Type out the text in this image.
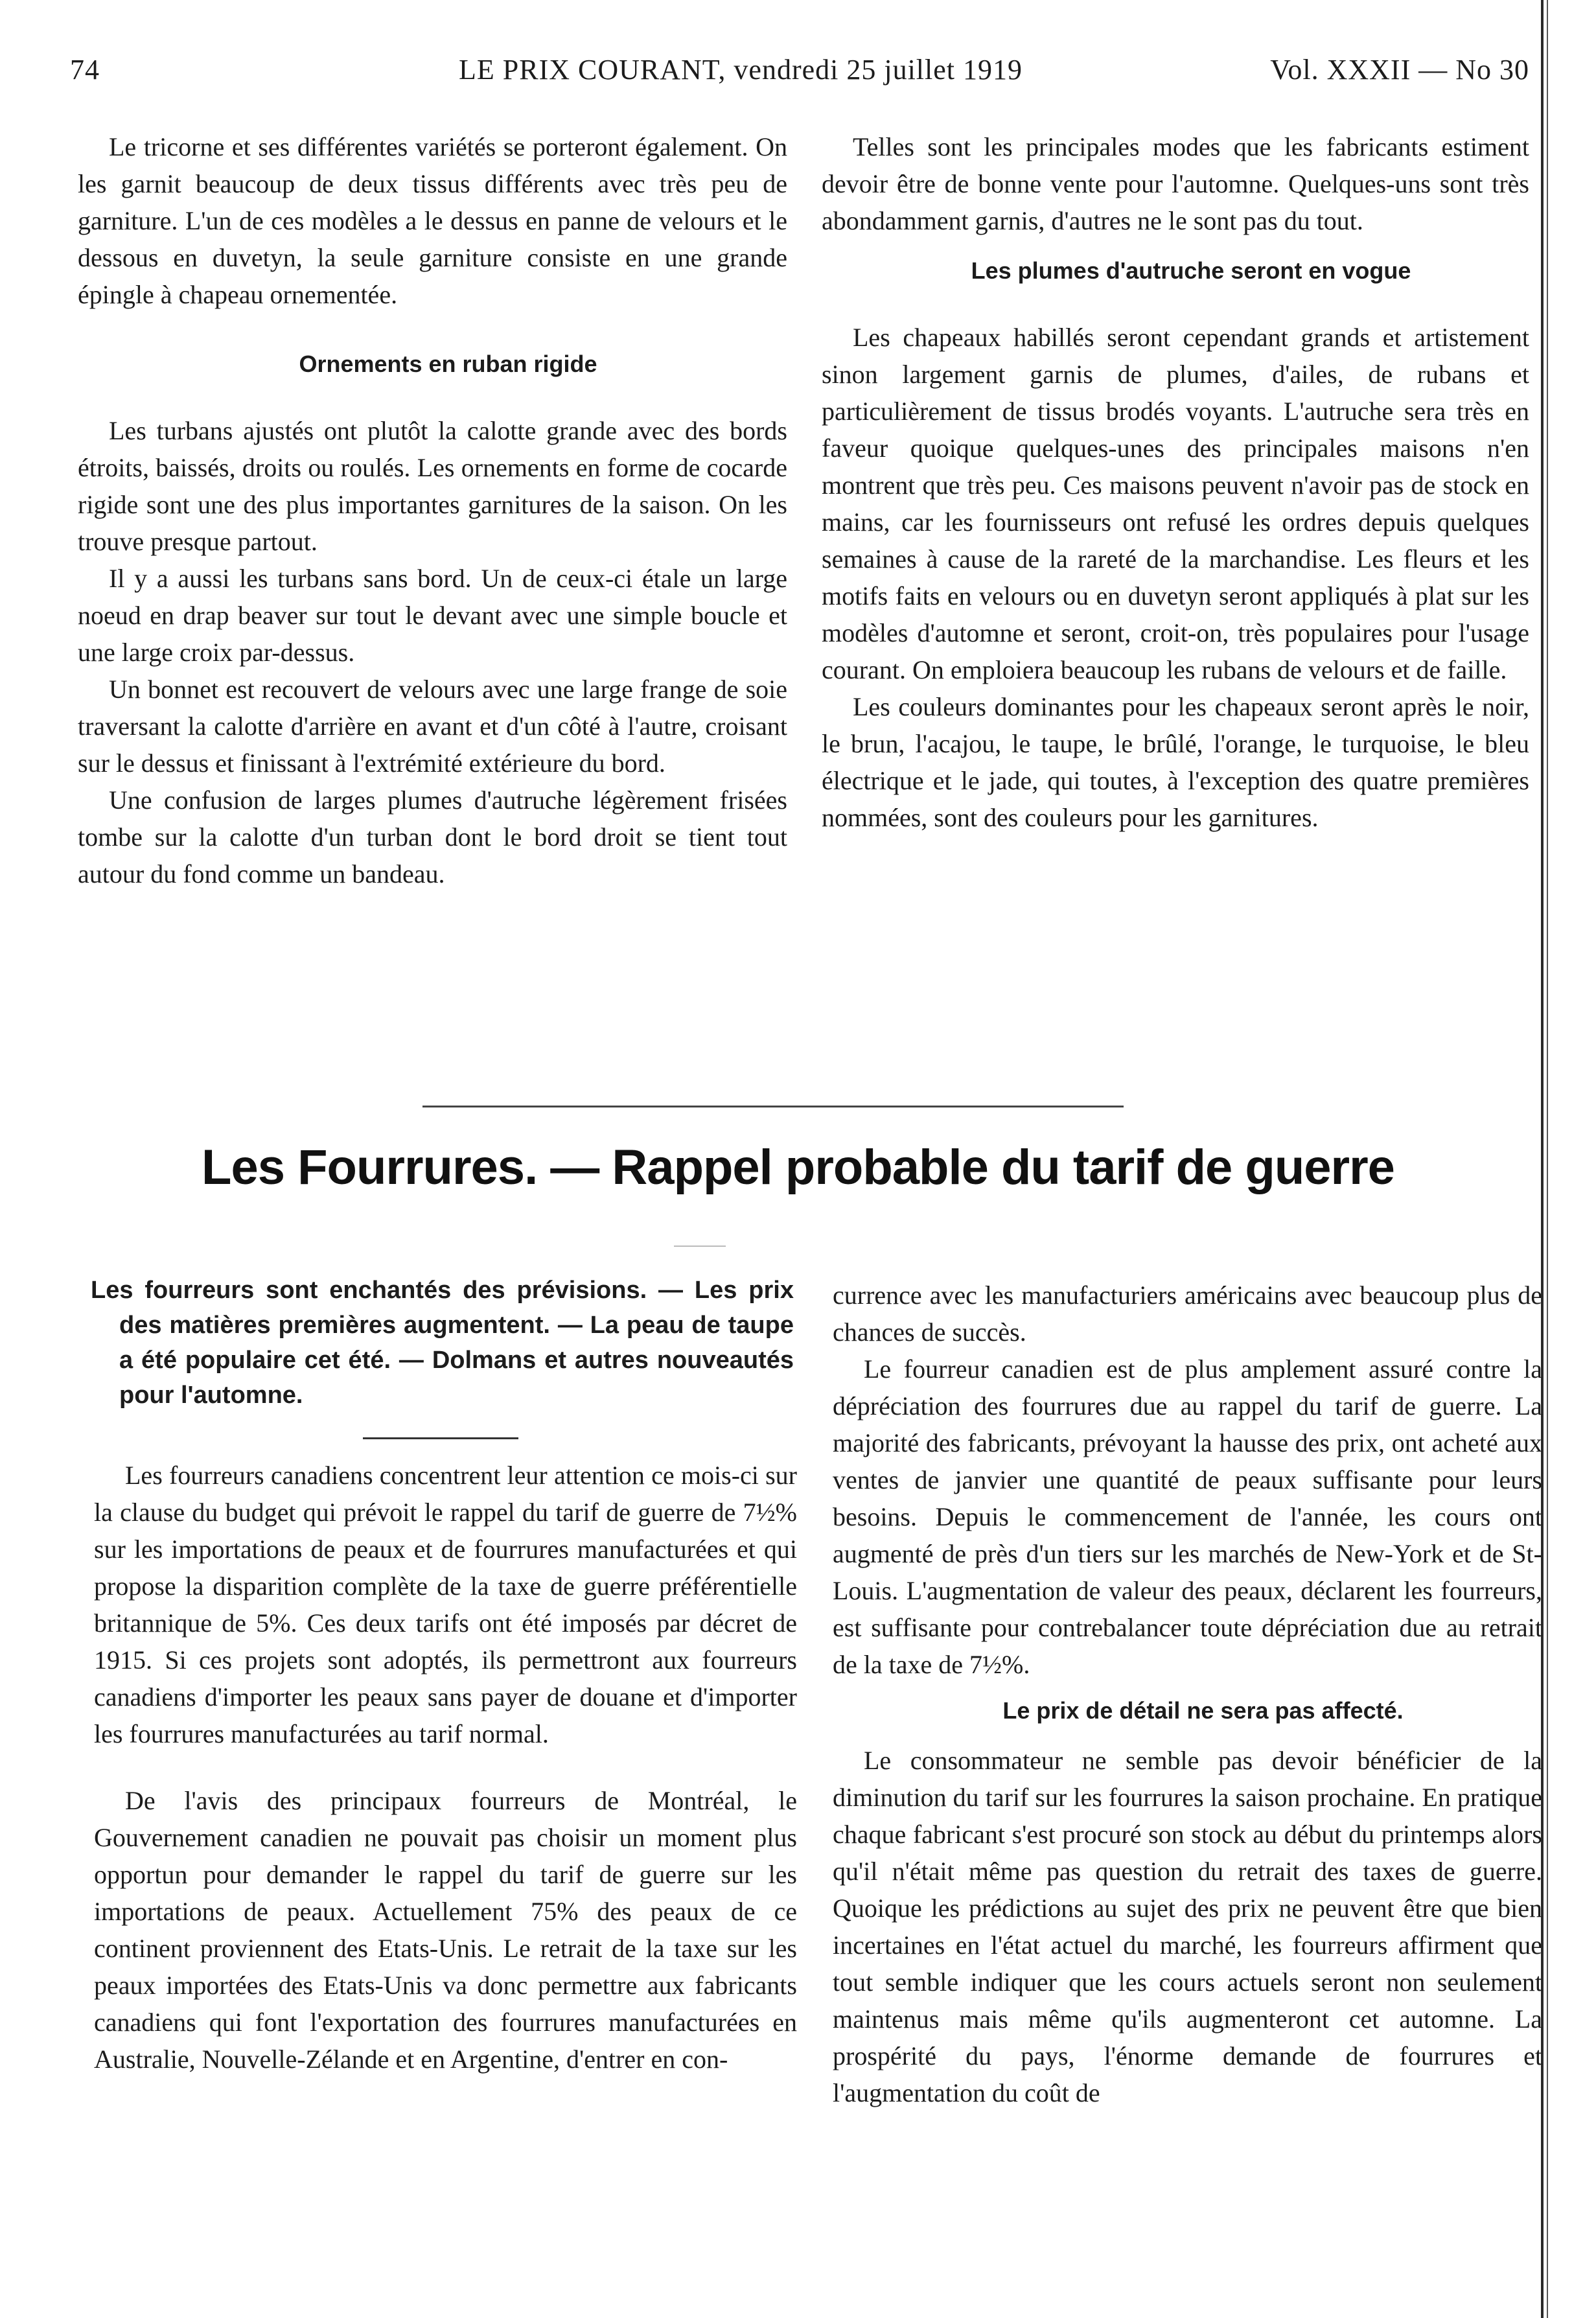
74	LE PRIX COURANT, vendredi 25 juillet 1919	Vol. XXXII — No 30

Le tricorne et ses différentes variétés se porteront également. On les garnit beaucoup de deux tissus différents avec très peu de garniture. L'un de ces modèles a le dessus en panne de velours et le dessous en duvetyn, la seule garniture consiste en une grande épingle à chapeau ornementée.

Ornements en ruban rigide

Les turbans ajustés ont plutôt la calotte grande avec des bords étroits, baissés, droits ou roulés. Les ornements en forme de cocarde rigide sont une des plus importantes garnitures de la saison. On les trouve presque partout.

Il y a aussi les turbans sans bord. Un de ceux-ci étale un large noeud en drap beaver sur tout le devant avec une simple boucle et une large croix par-dessus.

Un bonnet est recouvert de velours avec une large frange de soie traversant la calotte d'arrière en avant et d'un côté à l'autre, croisant sur le dessus et finissant à l'extrémité extérieure du bord.

Une confusion de larges plumes d'autruche légèrement frisées tombe sur la calotte d'un turban dont le bord droit se tient tout autour du fond comme un bandeau.

Telles sont les principales modes que les fabricants estiment devoir être de bonne vente pour l'automne. Quelques-uns sont très abondamment garnis, d'autres ne le sont pas du tout.

Les plumes d'autruche seront en vogue

Les chapeaux habillés seront cependant grands et artistement sinon largement garnis de plumes, d'ailes, de rubans et particulièrement de tissus brodés voyants. L'autruche sera très en faveur quoique quelques-unes des principales maisons n'en montrent que très peu. Ces maisons peuvent n'avoir pas de stock en mains, car les fournisseurs ont refusé les ordres depuis quelques semaines à cause de la rareté de la marchandise. Les fleurs et les motifs faits en velours ou en duvetyn seront appliqués à plat sur les modèles d'automne et seront, croit-on, très populaires pour l'usage courant. On emploiera beaucoup les rubans de velours et de faille.

Les couleurs dominantes pour les chapeaux seront après le noir, le brun, l'acajou, le taupe, le brûlé, l'orange, le turquoise, le bleu électrique et le jade, qui toutes, à l'exception des quatre premières nommées, sont des couleurs pour les garnitures.

Les Fourrures. — Rappel probable du tarif de guerre
Les fourreurs sont enchantés des prévisions. — Les prix des matières premières augmentent. — La peau de taupe a été populaire cet été. — Dolmans et autres nouveautés pour l'automne.

Les fourreurs canadiens concentrent leur attention ce mois-ci sur la clause du budget qui prévoit le rappel du tarif de guerre de 7½% sur les importations de peaux et de fourrures manufacturées et qui propose la disparition complète de la taxe de guerre préférentielle britannique de 5%. Ces deux tarifs ont été imposés par décret de 1915. Si ces projets sont adoptés, ils permettront aux fourreurs canadiens d'importer les peaux sans payer de douane et d'importer les fourrures manufacturées au tarif normal.

De l'avis des principaux fourreurs de Montréal, le Gouvernement canadien ne pouvait pas choisir un moment plus opportun pour demander le rappel du tarif de guerre sur les importations de peaux. Actuellement 75% des peaux de ce continent proviennent des Etats-Unis. Le retrait de la taxe sur les peaux importées des Etats-Unis va donc permettre aux fabricants canadiens qui font l'exportation des fourrures manufacturées en Australie, Nouvelle-Zélande et en Argentine, d'entrer en con-

currence avec les manufacturiers américains avec beaucoup plus de chances de succès.

Le fourreur canadien est de plus amplement assuré contre la dépréciation des fourrures due au rappel du tarif de guerre. La majorité des fabricants, prévoyant la hausse des prix, ont acheté aux ventes de janvier une quantité de peaux suffisante pour leurs besoins. Depuis le commencement de l'année, les cours ont augmenté de près d'un tiers sur les marchés de New-York et de St-Louis. L'augmentation de valeur des peaux, déclarent les fourreurs, est suffisante pour contrebalancer toute dépréciation due au retrait de la taxe de 7½%.

Le prix de détail ne sera pas affecté.

Le consommateur ne semble pas devoir bénéficier de la diminution du tarif sur les fourrures la saison prochaine. En pratique chaque fabricant s'est procuré son stock au début du printemps alors qu'il n'était même pas question du retrait des taxes de guerre. Quoique les prédictions au sujet des prix ne peuvent être que bien incertaines en l'état actuel du marché, les fourreurs affirment que tout semble indiquer que les cours actuels seront non seulement maintenus mais même qu'ils augmenteront cet automne. La prospérité du pays, l'énorme demande de fourrures et l'augmentation du coût de
